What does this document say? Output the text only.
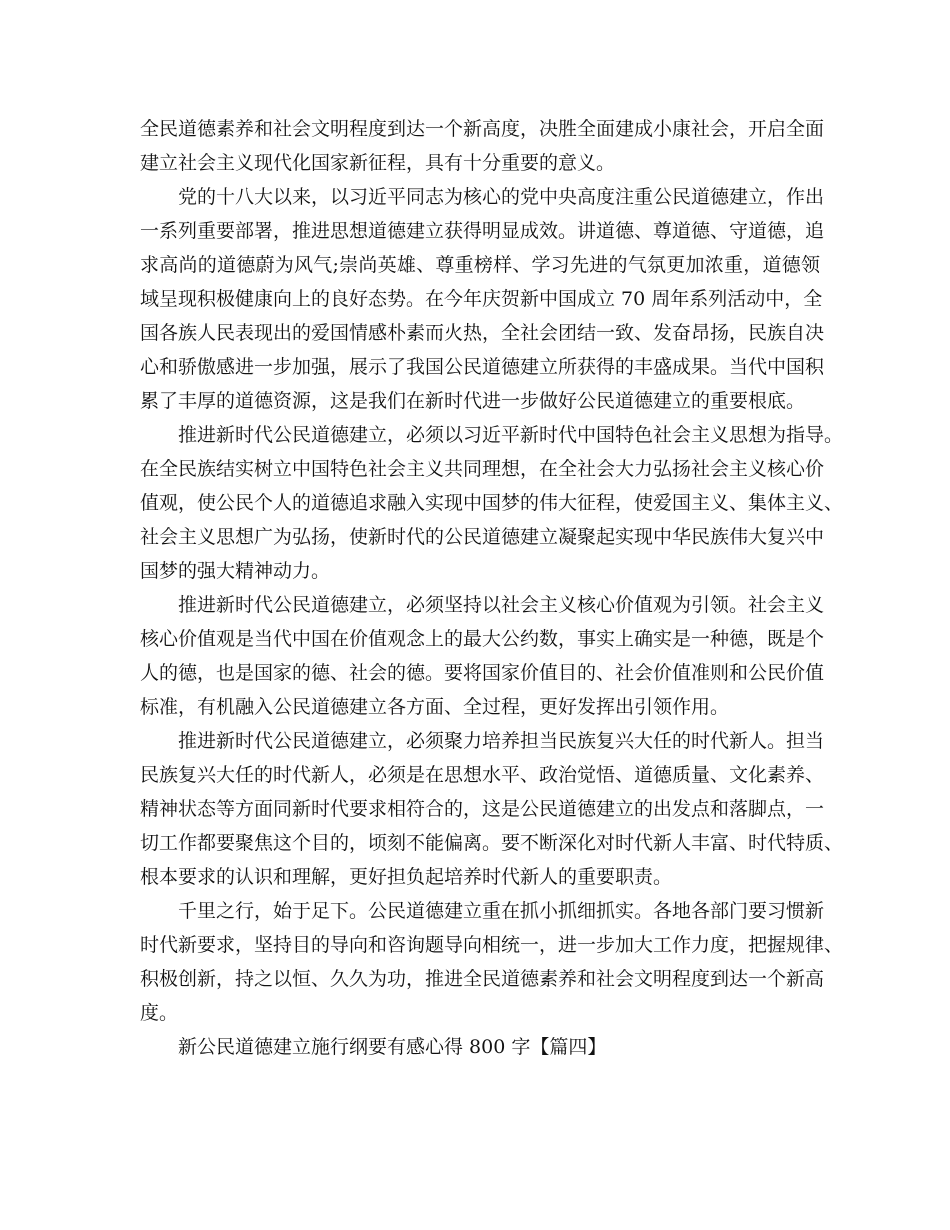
全民道德素养和社会文明程度到达一个新高度，决胜全面建成小康社会，开启全面
建立社会主义现代化国家新征程，具有十分重要的意义。
党的十八大以来，以习近平同志为核心的党中央高度注重公民道德建立，作出
一系列重要部署，推进思想道德建立获得明显成效。讲道德、尊道德、守道德，追
求高尚的道德蔚为风气;崇尚英雄、尊重榜样、学习先进的气氛更加浓重，道德领
域呈现积极健康向上的良好态势。在今年庆贺新中国成立 70 周年系列活动中，全
国各族人民表现出的爱国情感朴素而火热，全社会团结一致、发奋昂扬，民族自决
心和骄傲感进一步加强，展示了我国公民道德建立所获得的丰盛成果。当代中国积
累了丰厚的道德资源，这是我们在新时代进一步做好公民道德建立的重要根底。
推进新时代公民道德建立，必须以习近平新时代中国特色社会主义思想为指导。
在全民族结实树立中国特色社会主义共同理想，在全社会大力弘扬社会主义核心价
值观，使公民个人的道德追求融入实现中国梦的伟大征程，使爱国主义、集体主义、
社会主义思想广为弘扬，使新时代的公民道德建立凝聚起实现中华民族伟大复兴中
国梦的强大精神动力。
推进新时代公民道德建立，必须坚持以社会主义核心价值观为引领。社会主义
核心价值观是当代中国在价值观念上的最大公约数，事实上确实是一种德，既是个
人的德，也是国家的德、社会的德。要将国家价值目的、社会价值准则和公民价值
标准，有机融入公民道德建立各方面、全过程，更好发挥出引领作用。
推进新时代公民道德建立，必须聚力培养担当民族复兴大任的时代新人。担当
民族复兴大任的时代新人，必须是在思想水平、政治觉悟、道德质量、文化素养、
精神状态等方面同新时代要求相符合的，这是公民道德建立的出发点和落脚点，一
切工作都要聚焦这个目的，顷刻不能偏离。要不断深化对时代新人丰富、时代特质、
根本要求的认识和理解，更好担负起培养时代新人的重要职责。
千里之行，始于足下。公民道德建立重在抓小抓细抓实。各地各部门要习惯新
时代新要求，坚持目的导向和咨询题导向相统一，进一步加大工作力度，把握规律、
积极创新，持之以恒、久久为功，推进全民道德素养和社会文明程度到达一个新高
度。
新公民道德建立施行纲要有感心得 800 字【篇四】
